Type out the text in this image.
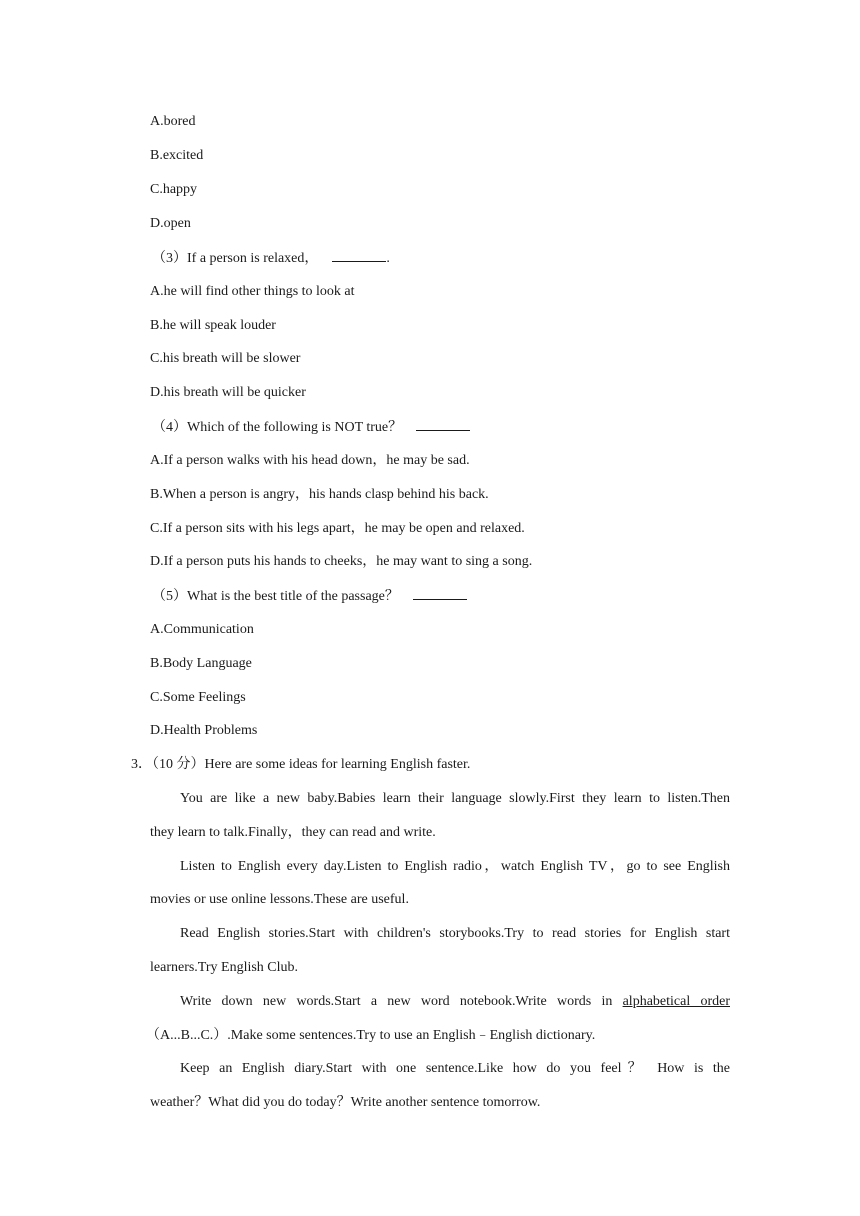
A.bored
B.excited
C.happy
D.open
（3）If a person is relaxed，	.
A.he will find other things to look at
B.he will speak louder
C.his breath will be slower
D.his breath will be quicker
（4）Which of the following is NOT true？
A.If a person walks with his head down，he may be sad.
B.When a person is angry，his hands clasp behind his back.
C.If a person sits with his legs apart，he may be open and relaxed.
D.If a person puts his hands to cheeks，he may want to sing a song.
（5）What is the best title of the passage？
A.Communication
B.Body Language
C.Some Feelings
D.Health Problems
3．（10 分）Here are some ideas for learning English faster.
You are like a new baby.Babies learn their language slowly.First they learn to listen.Then
they learn to talk.Finally，they can read and write.
Listen to English every day.Listen to English radio，watch English TV，go to see English
movies or use online lessons.These are useful.
Read English stories.Start with children's storybooks.Try to read stories for English start
learners.Try English Club.
Write down new words.Start a new word notebook.Write words in alphabetical order
（A...B...C.）.Make some sentences.Try to use an English﹣English dictionary.
Keep an English diary.Start with one sentence.Like how do you feel？ How is the
weather？What did you do today？Write another sentence tomorrow.
